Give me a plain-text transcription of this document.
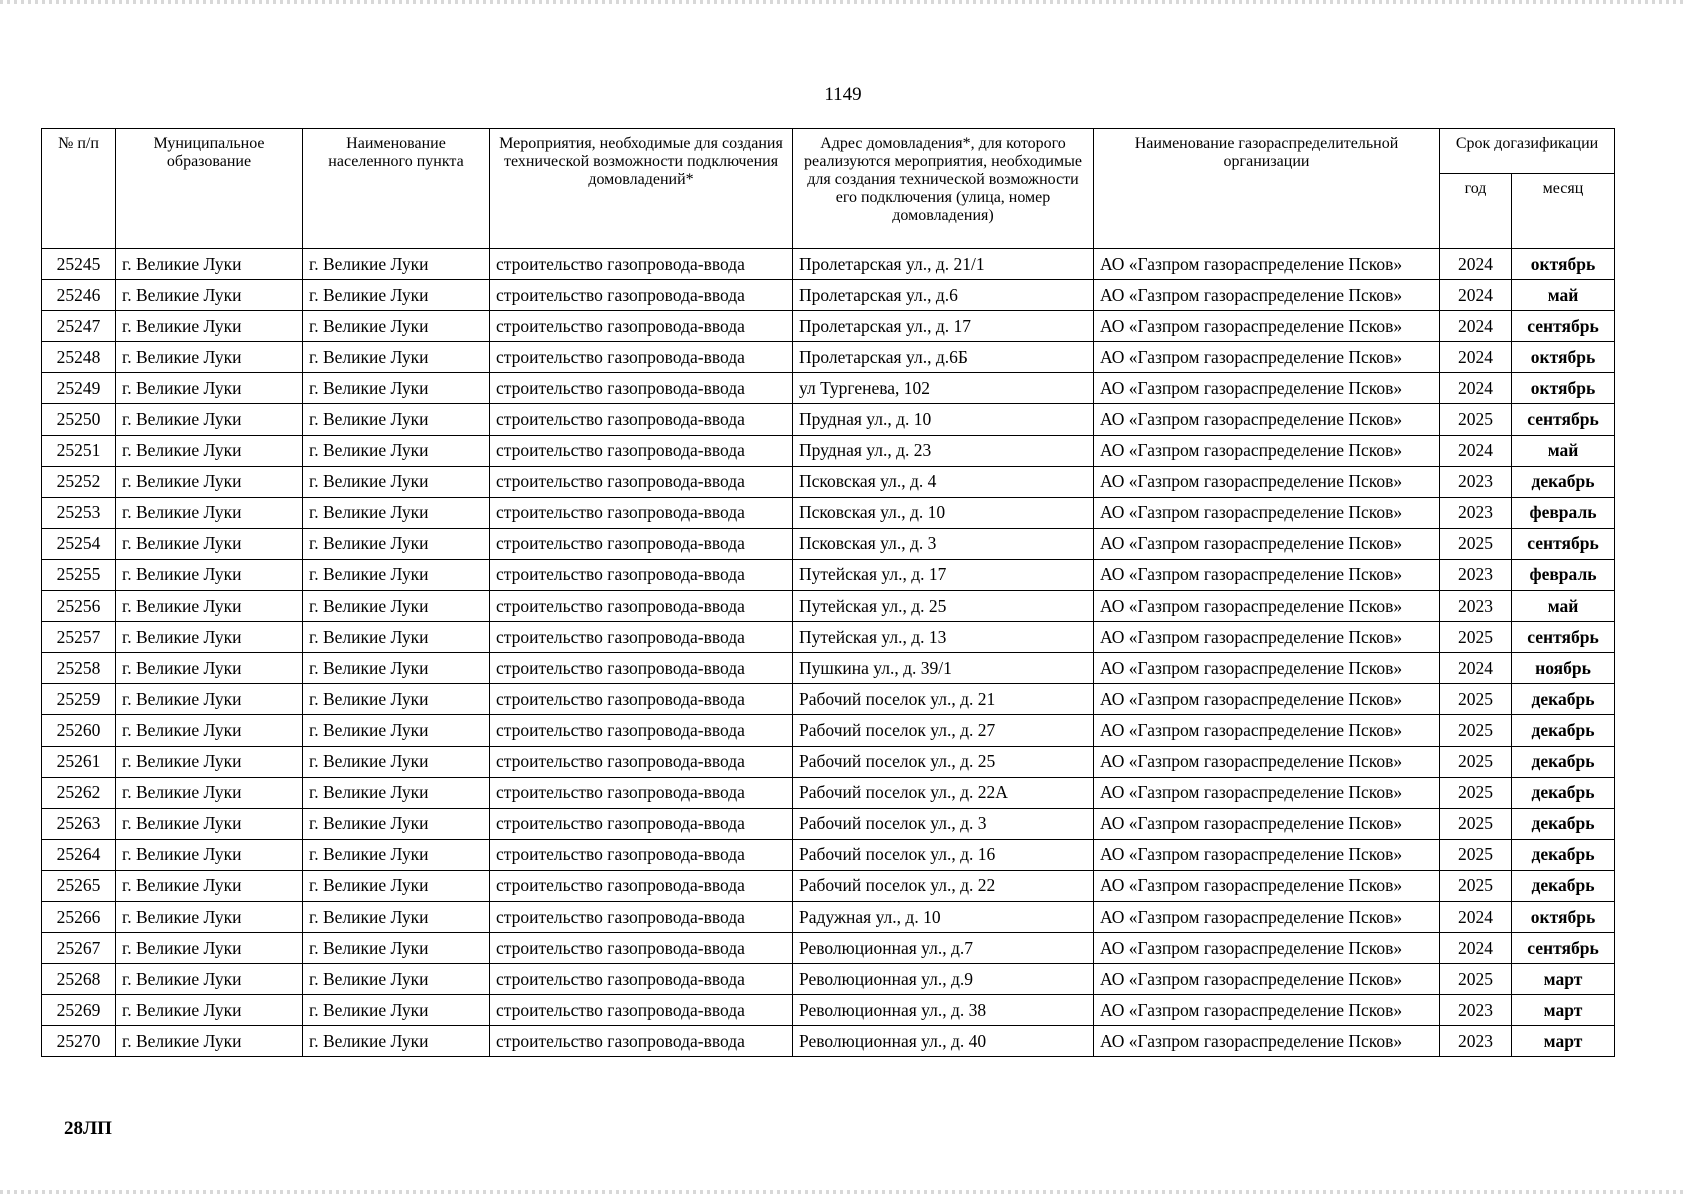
1149
№ п/п	Муниципальное образование	Наименование населенного пункта	Мероприятия, необходимые для создания технической возможности подключения домовладений*	Адрес домовладения*, для которого реализуются мероприятия, необходимые для создания технической возможности его подключения (улица, номер домовладения)	Наименование газораспределительной организации	Срок догазификации	
						год	месяц
25245	г. Великие Луки	г. Великие Луки	строительство газопровода-ввода	Пролетарская ул., д. 21/1	АО «Газпром газораспределение Псков»	2024	октябрь
25246	г. Великие Луки	г. Великие Луки	строительство газопровода-ввода	Пролетарская ул., д.6	АО «Газпром газораспределение Псков»	2024	май
25247	г. Великие Луки	г. Великие Луки	строительство газопровода-ввода	Пролетарская ул., д. 17	АО «Газпром газораспределение Псков»	2024	сентябрь
25248	г. Великие Луки	г. Великие Луки	строительство газопровода-ввода	Пролетарская ул., д.6Б	АО «Газпром газораспределение Псков»	2024	октябрь
25249	г. Великие Луки	г. Великие Луки	строительство газопровода-ввода	ул Тургенева, 102	АО «Газпром газораспределение Псков»	2024	октябрь
25250	г. Великие Луки	г. Великие Луки	строительство газопровода-ввода	Прудная ул., д. 10	АО «Газпром газораспределение Псков»	2025	сентябрь
25251	г. Великие Луки	г. Великие Луки	строительство газопровода-ввода	Прудная ул., д. 23	АО «Газпром газораспределение Псков»	2024	май
25252	г. Великие Луки	г. Великие Луки	строительство газопровода-ввода	Псковская ул., д. 4	АО «Газпром газораспределение Псков»	2023	декабрь
25253	г. Великие Луки	г. Великие Луки	строительство газопровода-ввода	Псковская ул., д. 10	АО «Газпром газораспределение Псков»	2023	февраль
25254	г. Великие Луки	г. Великие Луки	строительство газопровода-ввода	Псковская ул., д. 3	АО «Газпром газораспределение Псков»	2025	сентябрь
25255	г. Великие Луки	г. Великие Луки	строительство газопровода-ввода	Путейская ул., д. 17	АО «Газпром газораспределение Псков»	2023	февраль
25256	г. Великие Луки	г. Великие Луки	строительство газопровода-ввода	Путейская ул., д. 25	АО «Газпром газораспределение Псков»	2023	май
25257	г. Великие Луки	г. Великие Луки	строительство газопровода-ввода	Путейская ул., д. 13	АО «Газпром газораспределение Псков»	2025	сентябрь
25258	г. Великие Луки	г. Великие Луки	строительство газопровода-ввода	Пушкина ул., д. 39/1	АО «Газпром газораспределение Псков»	2024	ноябрь
25259	г. Великие Луки	г. Великие Луки	строительство газопровода-ввода	Рабочий поселок ул., д. 21	АО «Газпром газораспределение Псков»	2025	декабрь
25260	г. Великие Луки	г. Великие Луки	строительство газопровода-ввода	Рабочий поселок ул., д. 27	АО «Газпром газораспределение Псков»	2025	декабрь
25261	г. Великие Луки	г. Великие Луки	строительство газопровода-ввода	Рабочий поселок ул., д. 25	АО «Газпром газораспределение Псков»	2025	декабрь
25262	г. Великие Луки	г. Великие Луки	строительство газопровода-ввода	Рабочий поселок ул., д. 22А	АО «Газпром газораспределение Псков»	2025	декабрь
25263	г. Великие Луки	г. Великие Луки	строительство газопровода-ввода	Рабочий поселок ул., д. 3	АО «Газпром газораспределение Псков»	2025	декабрь
25264	г. Великие Луки	г. Великие Луки	строительство газопровода-ввода	Рабочий поселок ул., д. 16	АО «Газпром газораспределение Псков»	2025	декабрь
25265	г. Великие Луки	г. Великие Луки	строительство газопровода-ввода	Рабочий поселок ул., д. 22	АО «Газпром газораспределение Псков»	2025	декабрь
25266	г. Великие Луки	г. Великие Луки	строительство газопровода-ввода	Радужная ул., д. 10	АО «Газпром газораспределение Псков»	2024	октябрь
25267	г. Великие Луки	г. Великие Луки	строительство газопровода-ввода	Революционная ул., д.7	АО «Газпром газораспределение Псков»	2024	сентябрь
25268	г. Великие Луки	г. Великие Луки	строительство газопровода-ввода	Революционная ул., д.9	АО «Газпром газораспределение Псков»	2025	март
25269	г. Великие Луки	г. Великие Луки	строительство газопровода-ввода	Революционная ул., д. 38	АО «Газпром газораспределение Псков»	2023	март
25270	г. Великие Луки	г. Великие Луки	строительство газопровода-ввода	Революционная ул., д. 40	АО «Газпром газораспределение Псков»	2023	март
28ЛП
